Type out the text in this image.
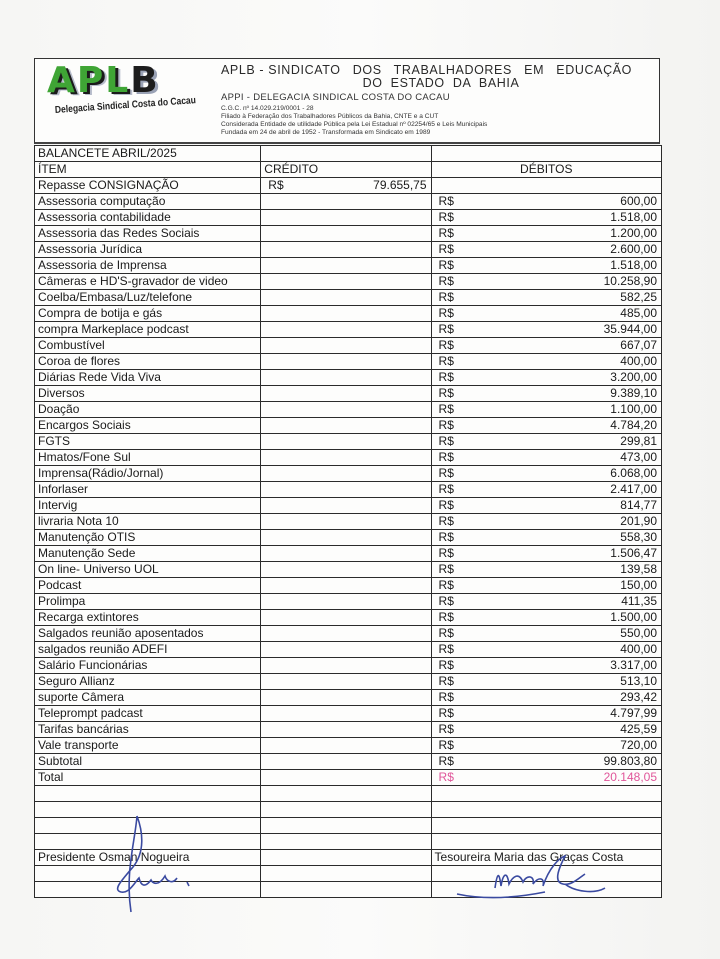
APLB
Delegacia Sindical Costa do Cacau
APLB - SINDICATO   DOS   TRABALHADORES   EM   EDUCAÇÃO
DO  ESTADO  DA  BAHIA
APPI - DELEGACIA SINDICAL COSTA DO CACAU
C.G.C. nº 14.029.219/0001 - 28
Filiado à Federação dos Trabalhadores Públicos da Bahia, CNTE e a CUT
Considerada Entidade de utilidade Pública pela Lei Estadual nº 02254/65 e Leis Municipais
Fundada em 24 de abril de 1952 - Transformada em Sindicato em 1989
BALANCETE ABRIL/2025		
ÍTEM	CRÉDITO	DÉBITOS
Repasse CONSIGNAÇÃO	R$ 79.655,75	

Assessoria computação		R$ 600,00

Assessoria contabilidade		R$ 1.518,00

Assessoria das Redes Sociais		R$ 1.200,00

Assessoria Jurídica		R$ 2.600,00

Assessoria de Imprensa		R$ 1.518,00

Câmeras e HD'S-gravador de video		R$ 10.258,90

Coelba/Embasa/Luz/telefone		R$ 582,25

Compra de botija e gás		R$ 485,00

compra Markeplace podcast		R$ 35.944,00

Combustível		R$ 667,07

Coroa de flores		R$ 400,00

Diárias Rede Vida Viva		R$ 3.200,00

Diversos		R$ 9.389,10

Doação		R$ 1.100,00

Encargos Sociais		R$ 4.784,20

FGTS		R$ 299,81

Hmatos/Fone Sul		R$ 473,00

Imprensa(Rádio/Jornal)		R$ 6.068,00

Inforlaser		R$ 2.417,00

Intervig		R$ 814,77

livraria Nota 10		R$ 201,90

Manutenção OTIS		R$ 558,30

Manutenção Sede		R$ 1.506,47

On line- Universo UOL		R$ 139,58

Podcast		R$ 150,00

Prolimpa		R$ 411,35

Recarga extintores		R$ 1.500,00

Salgados reunião aposentados		R$ 550,00

salgados reunião ADEFI		R$ 400,00

Salário Funcionárias		R$ 3.317,00

Seguro Allianz		R$ 513,10

suporte Câmera		R$ 293,42

Teleprompt padcast		R$ 4.797,99

Tarifas bancárias		R$ 425,59

Vale transporte		R$ 720,00

Subtotal		R$ 99.803,80

Total		R$ 20.148,05

Presidente Osman Nogueira		Tesoureira Maria das Graças Costa
